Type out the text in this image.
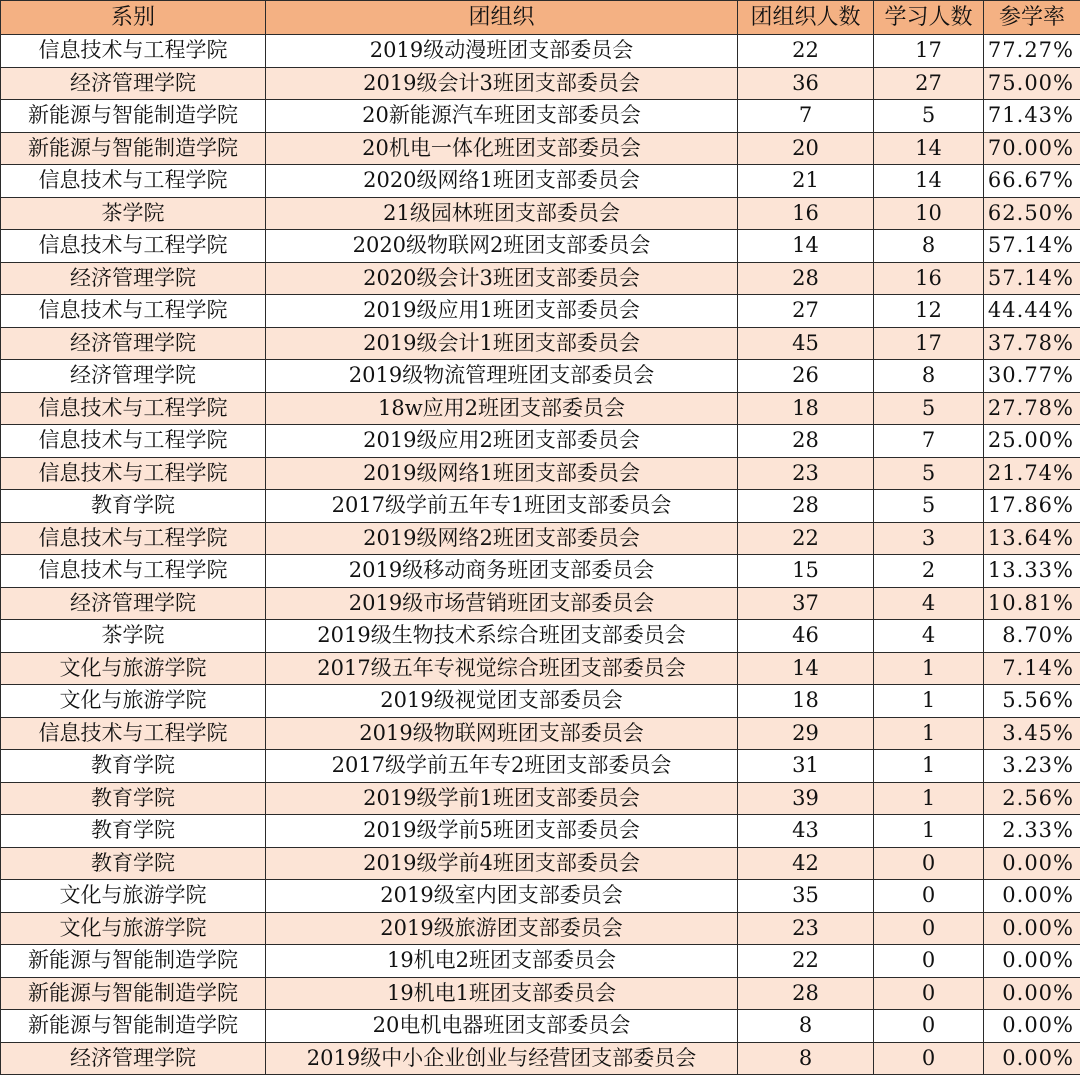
系别	团组织	团组织人数	学习人数	参学率
信息技术与工程学院	2019级动漫班团支部委员会	22	17	77.27%
经济管理学院	2019级会计3班团支部委员会	36	27	75.00%
新能源与智能制造学院	20新能源汽车班团支部委员会	7	5	71.43%
新能源与智能制造学院	20机电一体化班团支部委员会	20	14	70.00%
信息技术与工程学院	2020级网络1班团支部委员会	21	14	66.67%
茶学院	21级园林班团支部委员会	16	10	62.50%
信息技术与工程学院	2020级物联网2班团支部委员会	14	8	57.14%
经济管理学院	2020级会计3班团支部委员会	28	16	57.14%
信息技术与工程学院	2019级应用1班团支部委员会	27	12	44.44%
经济管理学院	2019级会计1班团支部委员会	45	17	37.78%
经济管理学院	2019级物流管理班团支部委员会	26	8	30.77%
信息技术与工程学院	18w应用2班团支部委员会	18	5	27.78%
信息技术与工程学院	2019级应用2班团支部委员会	28	7	25.00%
信息技术与工程学院	2019级网络1班团支部委员会	23	5	21.74%
教育学院	2017级学前五年专1班团支部委员会	28	5	17.86%
信息技术与工程学院	2019级网络2班团支部委员会	22	3	13.64%
信息技术与工程学院	2019级移动商务班团支部委员会	15	2	13.33%
经济管理学院	2019级市场营销班团支部委员会	37	4	10.81%
茶学院	2019级生物技术系综合班团支部委员会	46	4	8.70%
文化与旅游学院	2017级五年专视觉综合班团支部委员会	14	1	7.14%
文化与旅游学院	2019级视觉团支部委员会	18	1	5.56%
信息技术与工程学院	2019级物联网班团支部委员会	29	1	3.45%
教育学院	2017级学前五年专2班团支部委员会	31	1	3.23%
教育学院	2019级学前1班团支部委员会	39	1	2.56%
教育学院	2019级学前5班团支部委员会	43	1	2.33%
教育学院	2019级学前4班团支部委员会	42	0	0.00%
文化与旅游学院	2019级室内团支部委员会	35	0	0.00%
文化与旅游学院	2019级旅游团支部委员会	23	0	0.00%
新能源与智能制造学院	19机电2班团支部委员会	22	0	0.00%
新能源与智能制造学院	19机电1班团支部委员会	28	0	0.00%
新能源与智能制造学院	20电机电器班团支部委员会	8	0	0.00%
经济管理学院	2019级中小企业创业与经营团支部委员会	8	0	0.00%
